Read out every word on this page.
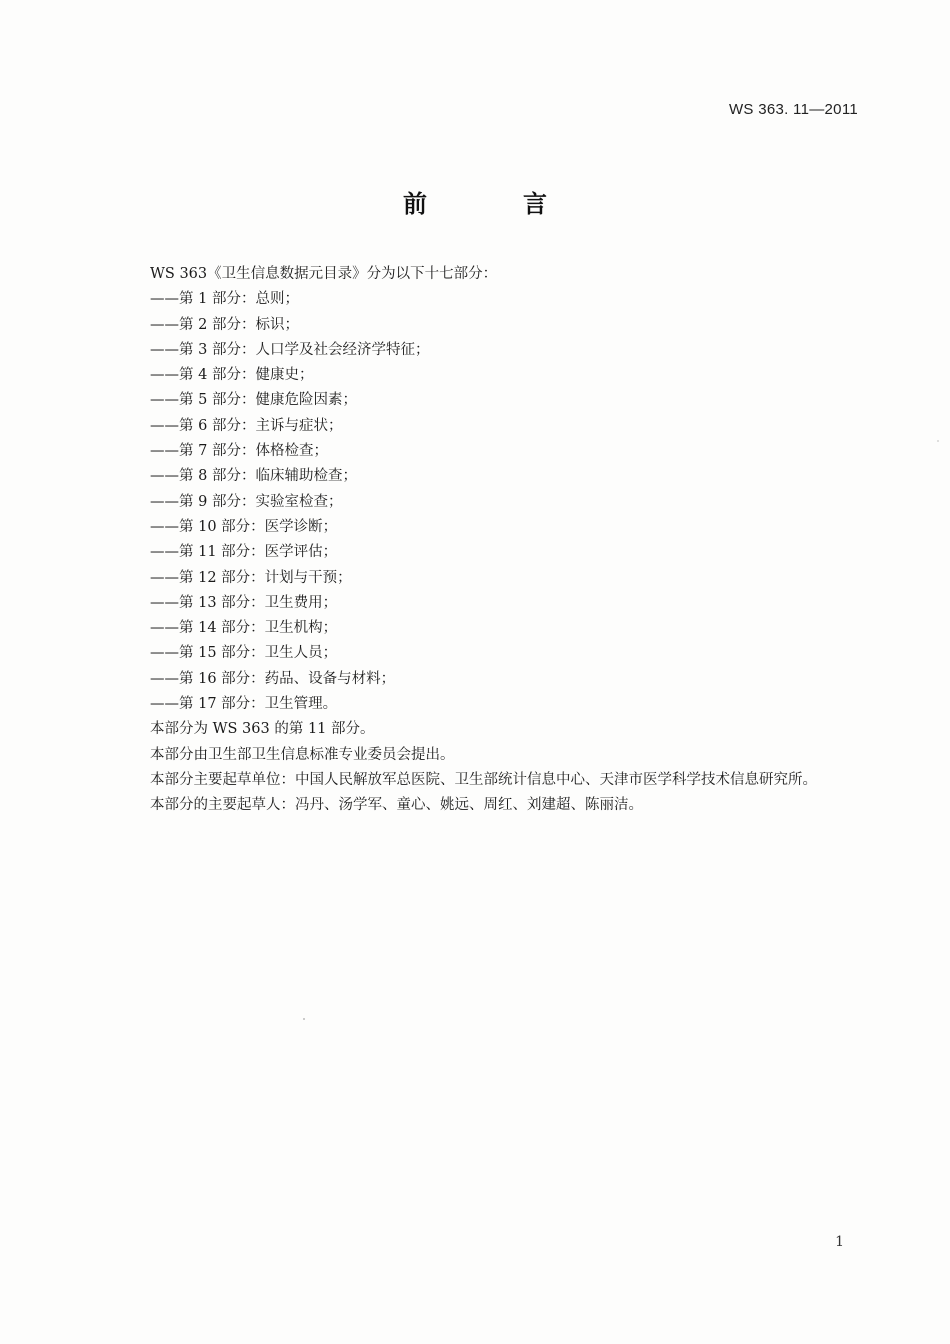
WS 363. 11—2011
前　言

WS 363《卫生信息数据元目录》分为以下十七部分：

——第 1 部分：总则；
——第 2 部分：标识；
——第 3 部分：人口学及社会经济学特征；
——第 4 部分：健康史；
——第 5 部分：健康危险因素；
——第 6 部分：主诉与症状；
——第 7 部分：体格检查；
——第 8 部分：临床辅助检查；
——第 9 部分：实验室检查；
——第 10 部分：医学诊断；
——第 11 部分：医学评估；
——第 12 部分：计划与干预；
——第 13 部分：卫生费用；
——第 14 部分：卫生机构；
——第 15 部分：卫生人员；
——第 16 部分：药品、设备与材料；
——第 17 部分：卫生管理。

本部分为 WS 363 的第 11 部分。

本部分由卫生部卫生信息标准专业委员会提出。

本部分主要起草单位：中国人民解放军总医院、卫生部统计信息中心、天津市医学科学技术信息研究所。

本部分的主要起草人：冯丹、汤学军、童心、姚远、周红、刘建超、陈丽洁。

1
